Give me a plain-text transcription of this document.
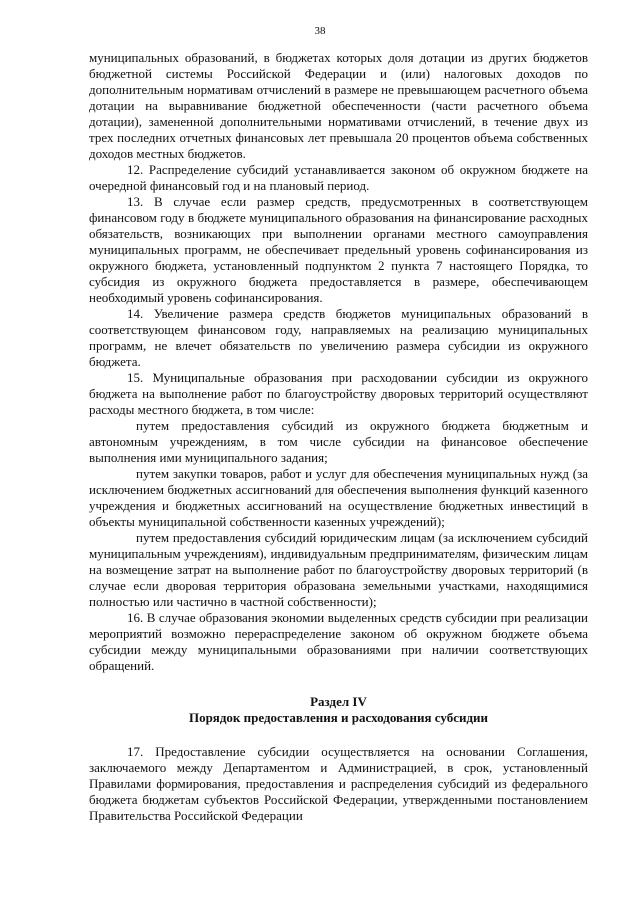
38

муниципальных образований, в бюджетах которых доля дотации из других бюджетов бюджетной системы Российской Федерации и (или) налоговых доходов по дополнительным нормативам отчислений в размере не превышающем расчетного объема дотации на выравнивание бюджетной обеспеченности (части расчетного объема дотации), замененной дополнительными нормативами отчислений, в течение двух из трех последних отчетных финансовых лет превышала 20 процентов объема собственных доходов местных бюджетов.

12. Распределение субсидий устанавливается законом об окружном бюджете на очередной финансовый год и на плановый период.

13. В случае если размер средств, предусмотренных в соответствующем финансовом году в бюджете муниципального образования на финансирование расходных обязательств, возникающих при выполнении органами местного самоуправления муниципальных программ, не обеспечивает предельный уровень софинансирования из окружного бюджета, установленный подпунктом 2 пункта 7 настоящего Порядка, то субсидия из окружного бюджета предоставляется в размере, обеспечивающем необходимый уровень софинансирования.

14. Увеличение размера средств бюджетов муниципальных образований в соответствующем финансовом году, направляемых на реализацию муниципальных программ, не влечет обязательств по увеличению размера субсидии из окружного бюджета.

15. Муниципальные образования при расходовании субсидии из окружного бюджета на выполнение работ по благоустройству дворовых территорий осуществляют расходы местного бюджета, в том числе:

путем предоставления субсидий из окружного бюджета бюджетным и автономным учреждениям, в том числе субсидии на финансовое обеспечение выполнения ими муниципального задания;

путем закупки товаров, работ и услуг для обеспечения муниципальных нужд (за исключением бюджетных ассигнований для обеспечения выполнения функций казенного учреждения и бюджетных ассигнований на осуществление бюджетных инвестиций в объекты муниципальной собственности казенных учреждений);

путем предоставления субсидий юридическим лицам (за исключением субсидий муниципальным учреждениям), индивидуальным предпринимателям, физическим лицам на возмещение затрат на выполнение работ по благоустройству дворовых территорий (в случае если дворовая территория образована земельными участками, находящимися полностью или частично в частной собственности);

16. В случае образования экономии выделенных средств субсидии при реализации мероприятий возможно перераспределение законом об окружном бюджете объема субсидии между муниципальными образованиями при наличии соответствующих обращений.

Раздел IV
Порядок предоставления и расходования субсидии

17. Предоставление субсидии осуществляется на основании Соглашения, заключаемого между Департаментом и Администрацией, в срок, установленный Правилами формирования, предоставления и распределения субсидий из федерального бюджета бюджетам субъектов Российской Федерации, утвержденными постановлением Правительства Российской Федерации
